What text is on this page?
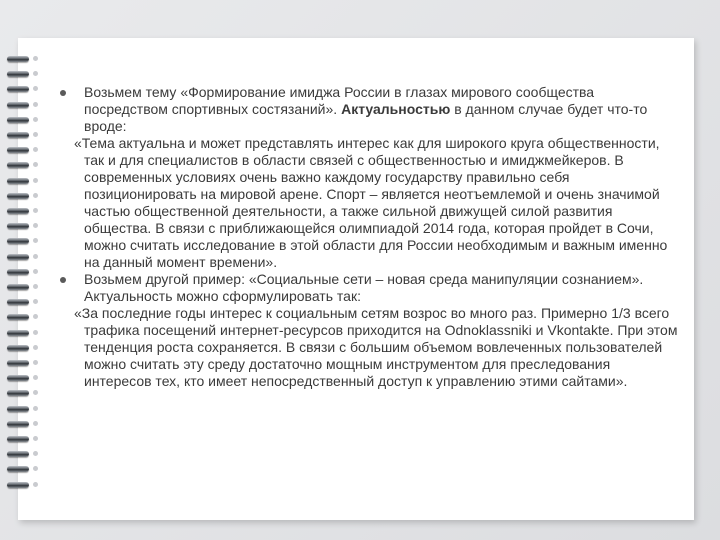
Возьмем тему «Формирование имиджа России в глазах мирового сообщества посредством спортивных состязаний». Актуальностью в данном случае будет что-то вроде:

«Тема актуальна и может представлять интерес как для широкого круга общественности, так и для специалистов в области связей с общественностью и имиджмейкеров. В современных условиях очень важно каждому государству правильно себя позиционировать на мировой арене. Спорт – является неотъемлемой и очень значимой частью общественной деятельности, а также сильной движущей силой развития общества. В связи с приближающейся олимпиадой 2014 года, которая пройдет в Сочи, можно считать исследование в этой области для России необходимым и важным именно на данный момент времени».

Возьмем другой пример: «Социальные сети – новая среда манипуляции сознанием». Актуальность можно сформулировать так:

«За последние годы интерес к социальным сетям возрос во много раз. Примерно 1/3 всего трафика посещений интернет-ресурсов приходится на Odnoklassniki и Vkontakte. При этом тенденция роста сохраняется. В связи с большим объемом вовлеченных пользователей можно считать эту среду достаточно мощным инструментом для преследования интересов тех, кто имеет непосредственный доступ к управлению этими сайтами».
